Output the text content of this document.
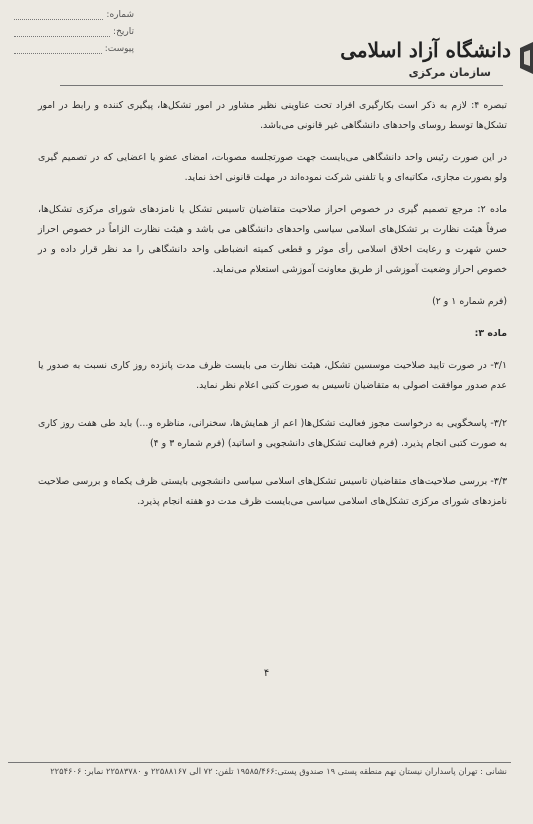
شماره:
تاریخ:
پیوست:	دانشگاه آزاد اسلامی
سازمان مرکزی

تبصره ۴: لازم به ذکر است بکارگیری افراد تحت عناوینی نظیر مشاور در امور تشکل‌ها، پیگیری کننده و رابط در امور تشکل‌ها توسط روسای واحدهای دانشگاهی غیر قانونی می‌باشد.

در این صورت رئیس واحد دانشگاهی می‌بایست جهت صورتجلسه مصوبات، امضای عضو یا اعضایی که در تصمیم گیری ولو بصورت مجازی، مکاتبه‌ای و یا تلفنی شرکت نموده‌اند در مهلت قانونی اخذ نماید.

ماده ۲: مرجع تصمیم گیری در خصوص احراز صلاحیت متقاضیان تاسیس تشکل یا نامزدهای شورای مرکزی تشکل‌ها، صرفاً هیئت نظارت بر تشکل‌های اسلامی سیاسی واحدهای دانشگاهی می باشد و هیئت نظارت الزاماً در خصوص احراز حسن شهرت و رعایت اخلاق اسلامی رأی موثر و قطعی کمیته انضباطی واحد دانشگاهی را مد نظر قرار داده و در خصوص احراز وضعیت آموزشی از طریق معاونت آموزشی استعلام می‌نماید.

(فرم شماره ۱ و ۲)

ماده ۳:

۳/۱- در صورت تایید صلاحیت موسسین تشکل، هیئت نظارت می بایست ظرف مدت پانزده روز کاری نسبت به صدور یا عدم صدور موافقت اصولی به متقاضیان تاسیس به صورت کتبی اعلام نظر نماید.

۳/۲- پاسخگویی به درخواست مجوز فعالیت تشکل‌ها( اعم از همایش‌ها، سخنرانی، مناظره و...) باید طی هفت روز کاری به صورت کتبی انجام پذیرد. (فرم فعالیت تشکل‌های دانشجویی و اساتید) (فرم شماره ۳ و ۴)

۳/۳- بررسی صلاحیت‌های متقاضیان تاسیس تشکل‌های اسلامی سیاسی دانشجویی بایستی ظرف یکماه و بررسی صلاحیت نامزدهای شورای مرکزی تشکل‌های اسلامی سیاسی می‌بایست ظرف مدت دو هفته انجام پذیرد.

۴
نشانی : تهران پاسداران نیستان نهم منطقه پستی ۱۹ صندوق پستی:۱۹۵۸۵/۴۶۶ تلفن: ۷۲ الی ۲۲۵۸۸۱۶۷ و ۲۲۵۸۳۷۸۰ نمابر: ۲۲۵۴۶۰۶
